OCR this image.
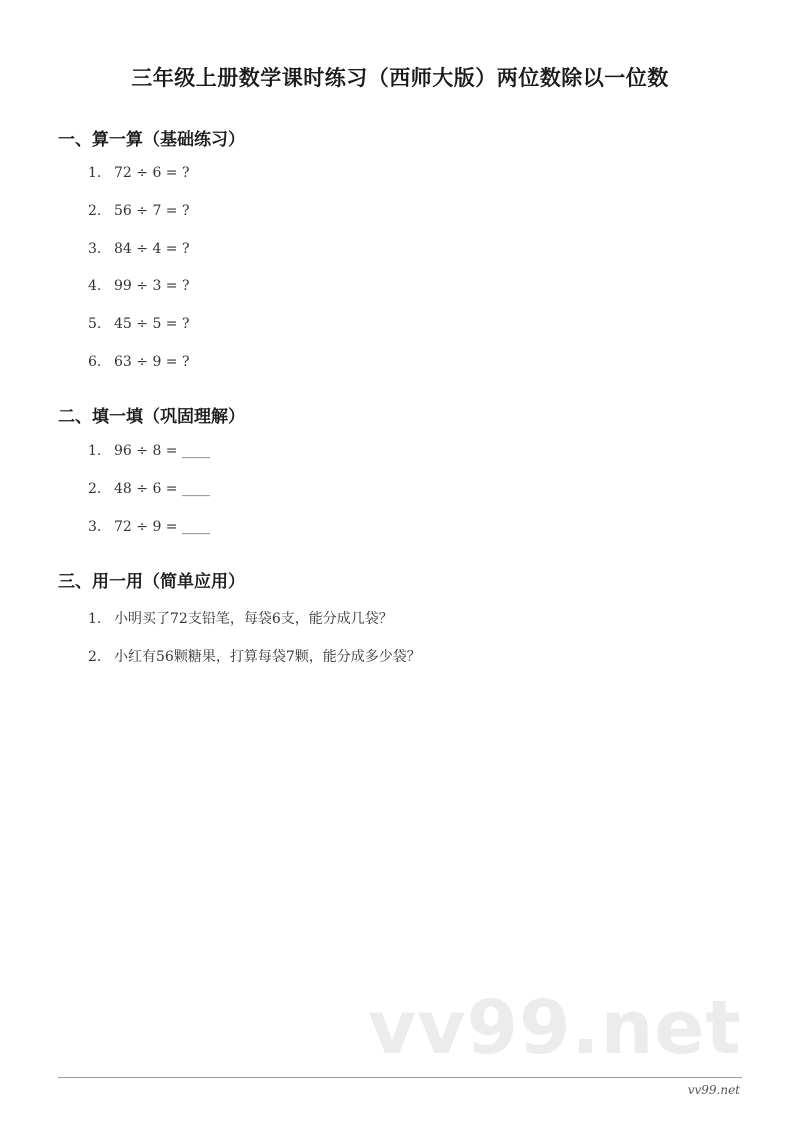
三年级上册数学课时练习（西师大版）两位数除以一位数
一、算一算（基础练习）
1. 72 ÷ 6 = ?
2. 56 ÷ 7 = ?
3. 84 ÷ 4 = ?
4. 99 ÷ 3 = ?
5. 45 ÷ 5 = ?
6. 63 ÷ 9 = ?
二、填一填（巩固理解）
1. 96 ÷ 8 = ____
2. 48 ÷ 6 = ____
3. 72 ÷ 9 = ____
三、用一用（简单应用）
1. 小明买了72支铅笔，每袋6支，能分成几袋？
2. 小红有56颗糖果，打算每袋7颗，能分成多少袋？
vv99.net
vv99.net
